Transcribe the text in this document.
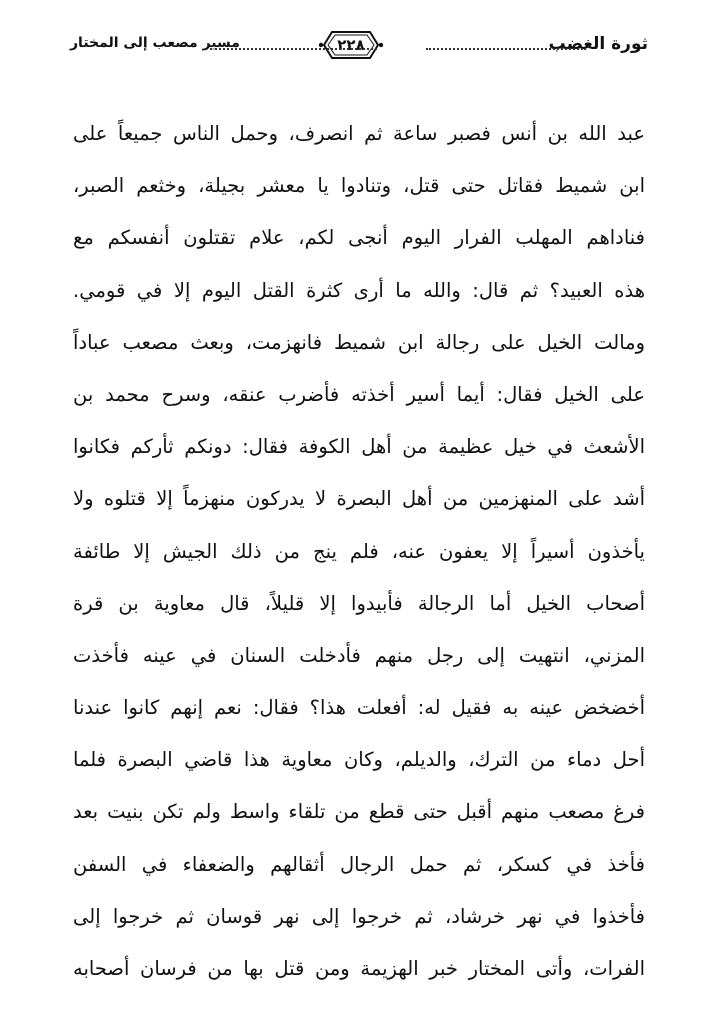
ثورة الغضب
٢٢٨
مسير مصعب إلى المختار
عبد الله بن أنس فصبر ساعة ثم انصرف، وحمل الناس جميعاً على
ابن شميط فقاتل حتى قتل، وتنادوا يا معشر بجيلة، وخثعم الصبر،
فناداهم المهلب الفرار اليوم أنجى لكم، علام تقتلون أنفسكم مع
هذه العبيد؟ ثم قال: والله ما أرى كثرة القتل اليوم إلا في قومي.
ومالت الخيل على رجالة ابن شميط فانهزمت، وبعث مصعب عباداً
على الخيل فقال: أيما أسير أخذته فأضرب عنقه، وسرح محمد بن
الأشعث في خيل عظيمة من أهل الكوفة فقال: دونكم ثأركم فكانوا
أشد على المنهزمين من أهل البصرة لا يدركون منهزماً إلا قتلوه ولا
يأخذون أسيراً إلا يعفون عنه، فلم ينج من ذلك الجيش إلا طائفة
أصحاب الخيل أما الرجالة فأبيدوا إلا قليلاً، قال معاوية بن قرة
المزني، انتهيت إلى رجل منهم فأدخلت السنان في عينه فأخذت
أخضخض عينه به فقيل له: أفعلت هذا؟ فقال: نعم إنهم كانوا عندنا
أحل دماء من الترك، والديلم، وكان معاوية هذا قاضي البصرة فلما
فرغ مصعب منهم أقبل حتى قطع من تلقاء واسط ولم تكن بنيت بعد
فأخذ في كسكر، ثم حمل الرجال أثقالهم والضعفاء في السفن
فأخذوا في نهر خرشاد، ثم خرجوا إلى نهر قوسان ثم خرجوا إلى
الفرات، وأتى المختار خبر الهزيمة ومن قتل بها من فرسان أصحابه
